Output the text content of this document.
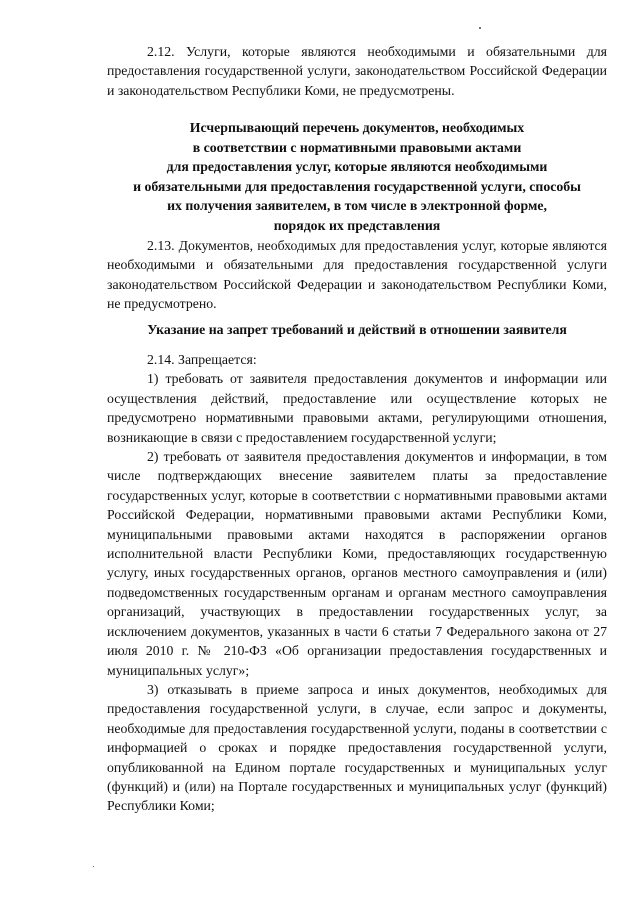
2.12. Услуги, которые являются необходимыми и обязательными для предоставления государственной услуги, законодательством Российской Федерации и законодательством Республики Коми, не предусмотрены.

Исчерпывающий перечень документов, необходимых
в соответствии с нормативными правовыми актами
для предоставления услуг, которые являются необходимыми
и обязательными для предоставления государственной услуги, способы
их получения заявителем, в том числе в электронной форме,
порядок их представления

2.13. Документов, необходимых для предоставления услуг, которые являются необходимыми и обязательными для предоставления государственной услуги законодательством Российской Федерации и законодательством Республики Коми, не предусмотрено.

Указание на запрет требований и действий в отношении заявителя

2.14. Запрещается:

1) требовать от заявителя предоставления документов и информации или осуществления действий, предоставление или осуществление которых не предусмотрено нормативными правовыми актами, регулирующими отношения, возникающие в связи с предоставлением государственной услуги;

2) требовать от заявителя предоставления документов и информации, в том числе подтверждающих внесение заявителем платы за предоставление государственных услуг, которые в соответствии с нормативными правовыми актами Российской Федерации, нормативными правовыми актами Республики Коми, муниципальными правовыми актами находятся в распоряжении органов исполнительной власти Республики Коми, предоставляющих государственную услугу, иных государственных органов, органов местного самоуправления и (или) подведомственных государственным органам и органам местного самоуправления организаций, участвующих в предоставлении государственных услуг, за исключением документов, указанных в части 6 статьи 7 Федерального закона от 27 июля 2010 г. № 210-ФЗ «Об организации предоставления государственных и муниципальных услуг»;

3) отказывать в приеме запроса и иных документов, необходимых для предоставления государственной услуги, в случае, если запрос и документы, необходимые для предоставления государственной услуги, поданы в соответствии с информацией о сроках и порядке предоставления государственной услуги, опубликованной на Едином портале государственных и муниципальных услуг (функций) и (или) на Портале государственных и муниципальных услуг (функций) Республики Коми;
